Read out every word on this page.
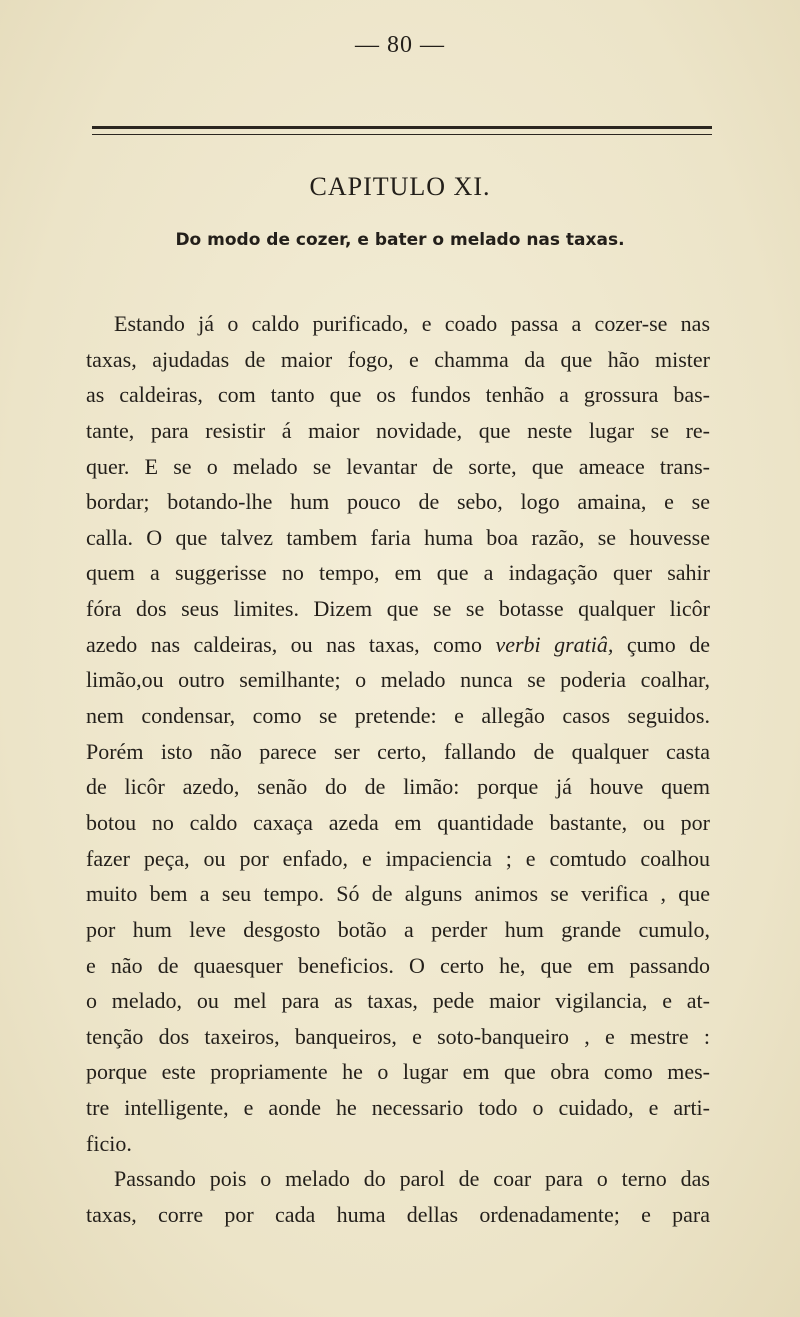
— 80 —
CAPITULO XI.
Do modo de cozer, e bater o melado nas taxas.
Estando já o caldo purificado, e coado passa a cozer-se nas
taxas, ajudadas de maior fogo, e chamma da que hão mister
as caldeiras, com tanto que os fundos tenhão a grossura bas-
tante, para resistir á maior novidade, que neste lugar se re-
quer. E se o melado se levantar de sorte, que ameace trans-
bordar; botando-lhe hum pouco de sebo, logo amaina, e se
calla. O que talvez tambem faria huma boa razão, se houvesse
quem a suggerisse no tempo, em que a indagação quer sahir
fóra dos seus limites. Dizem que se se botasse qualquer licôr
azedo nas caldeiras, ou nas taxas, como verbi gratiâ, çumo de
limão,ou outro semilhante; o melado nunca se poderia coalhar,
nem condensar, como se pretende: e allegão casos seguidos.
Porém isto não parece ser certo, fallando de qualquer casta
de licôr azedo, senão do de limão: porque já houve quem
botou no caldo caxaça azeda em quantidade bastante, ou por
fazer peça, ou por enfado, e impaciencia ; e comtudo coalhou
muito bem a seu tempo. Só de alguns animos se verifica , que
por hum leve desgosto botão a perder hum grande cumulo,
e não de quaesquer beneficios. O certo he, que em passando
o melado, ou mel para as taxas, pede maior vigilancia, e at-
tenção dos taxeiros, banqueiros, e soto-banqueiro , e mestre :
porque este propriamente he o lugar em que obra como mes-
tre intelligente, e aonde he necessario todo o cuidado, e arti-
ficio.
Passando pois o melado do parol de coar para o terno das
taxas, corre por cada huma dellas ordenadamente; e para
